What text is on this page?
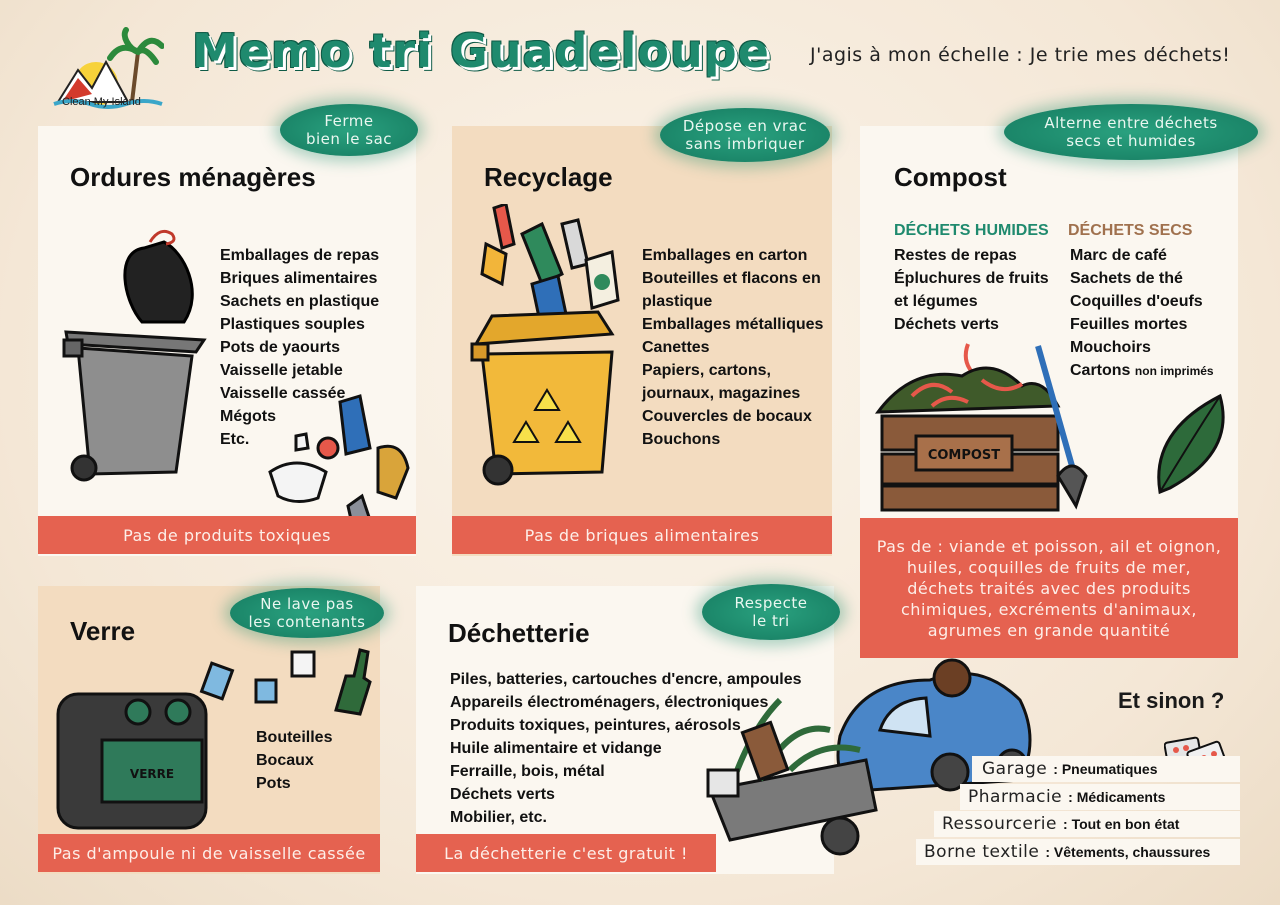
Clean My Island
Memo tri Guadeloupe J'agis à mon échelle : Je trie mes déchets!
Ferme
bien le sac
Ordures ménagères
Emballages de repas
Briques alimentaires
Sachets en plastique
Plastiques souples
Pots de yaourts
Vaisselle jetable
Vaisselle cassée
Mégots
Etc.
Pas de produits toxiques
Dépose en vrac
sans imbriquer
Recyclage
Emballages en carton
Bouteilles et flacons en
plastique
Emballages métalliques
Canettes
Papiers, cartons,
journaux, magazines
Couvercles de bocaux
Bouchons
Pas de briques alimentaires
Alterne entre déchets
secs et humides
Compost
DÉCHETS HUMIDES
Restes de repas
Épluchures de fruits
et légumes
Déchets verts
DÉCHETS SECS
Marc de café
Sachets de thé
Coquilles d'oeufs
Feuilles mortes
Mouchoirs
Cartons non imprimés
COMPOST
Pas de : viande et poisson, ail et oignon, huiles, coquilles de fruits de mer, déchets traités avec des produits chimiques, excréments d'animaux, agrumes en grande quantité
Ne lave pas
les contenants
Verre
Bouteilles
Bocaux
Pots
VERRE
Pas d'ampoule ni de vaisselle cassée
Respecte
le tri
Déchetterie
Piles, batteries, cartouches d'encre, ampoules
Appareils électroménagers, électroniques
Produits toxiques, peintures, aérosols
Huile alimentaire et vidange
Ferraille, bois, métal
Déchets verts
Mobilier, etc.
La déchetterie c'est gratuit !
Et sinon ?
Garage : Pneumatiques
Pharmacie : Médicaments
Ressourcerie : Tout en bon état
Borne textile : Vêtements, chaussures
